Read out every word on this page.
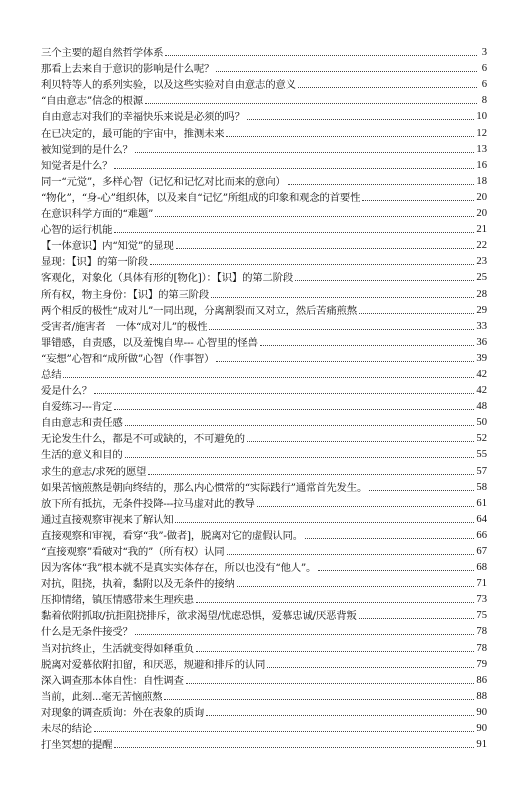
三个主要的超自然哲学体系	3
那看上去来自于意识的影响是什么呢？	6
利贝特等人的系列实验，以及这些实验对自由意志的意义	6
“自由意志”信念的根源	8
自由意志对我们的幸福快乐来说是必须的吗？	10
在已决定的，最可能的宇宙中，推测未来	12
被知觉到的是什么？	13
知觉者是什么？	16
同一“元觉”，多样心智（记忆和记忆对比而来的意向）	18
“物化”，“身-心”组织体，以及来自“记忆”所组成的印象和观念的首要性	20
在意识科学方面的“难题”	20
心智的运行机能	21
【一体意识】内“知觉”的显现	22
显现：【识】的第一阶段	23
客观化，对象化（具体有形的[物化]）：【识】的第二阶段	25
所有权，物主身份：【识】的第三阶段	28
两个相反的极性“成对儿”一同出现，分离割裂而又对立，然后苦痛煎熬	29
受害者/施害者　一体“成对儿”的极性	33
罪错感，自责感，以及羞愧自卑--- 心智里的怪兽	36
“妄想”心智和“成所做”心智（作事智）	39
总结	42
爱是什么？	42
自爱练习---肯定	48
自由意志和责任感	50
无论发生什么，都是不可或缺的，不可避免的	52
生活的意义和目的	55
求生的意志/求死的愿望	57
如果苦恼煎熬是朝向终结的，那么内心惯常的“实际践行”通常首先发生。	58
放下所有抵抗，无条件投降---拉马虚对此的教导	61
通过直接观察审视来了解认知	64
直接观察和审视，看穿“我”-做者]，脱离对它的虚假认同。	66
“直接观察”看破对“我的”（所有权）认同	67
因为客体“我”根本就不是真实实体存在，所以也没有“他人”。	68
对抗，阻挠，执着，黏附以及无条件的接纳	71
压抑情绪，镇压情感带来生理疾患	73
黏着依附抓取/抗拒阻挠排斥，欲求渴望/忧虑恐惧，爱慕忠诚/厌恶背叛	75
什么是无条件接受？	78
当对抗终止，生活就变得如释重负	78
脱离对爱慕依附扣留，和厌恶，规避和排斥的认同	79
深入调查那本体自性：自性调查	86
当前，此刻...毫无苦恼煎熬	88
对现象的调查质询：外在表象的质询	90
未尽的结论	90
打坐冥想的提醒	91
